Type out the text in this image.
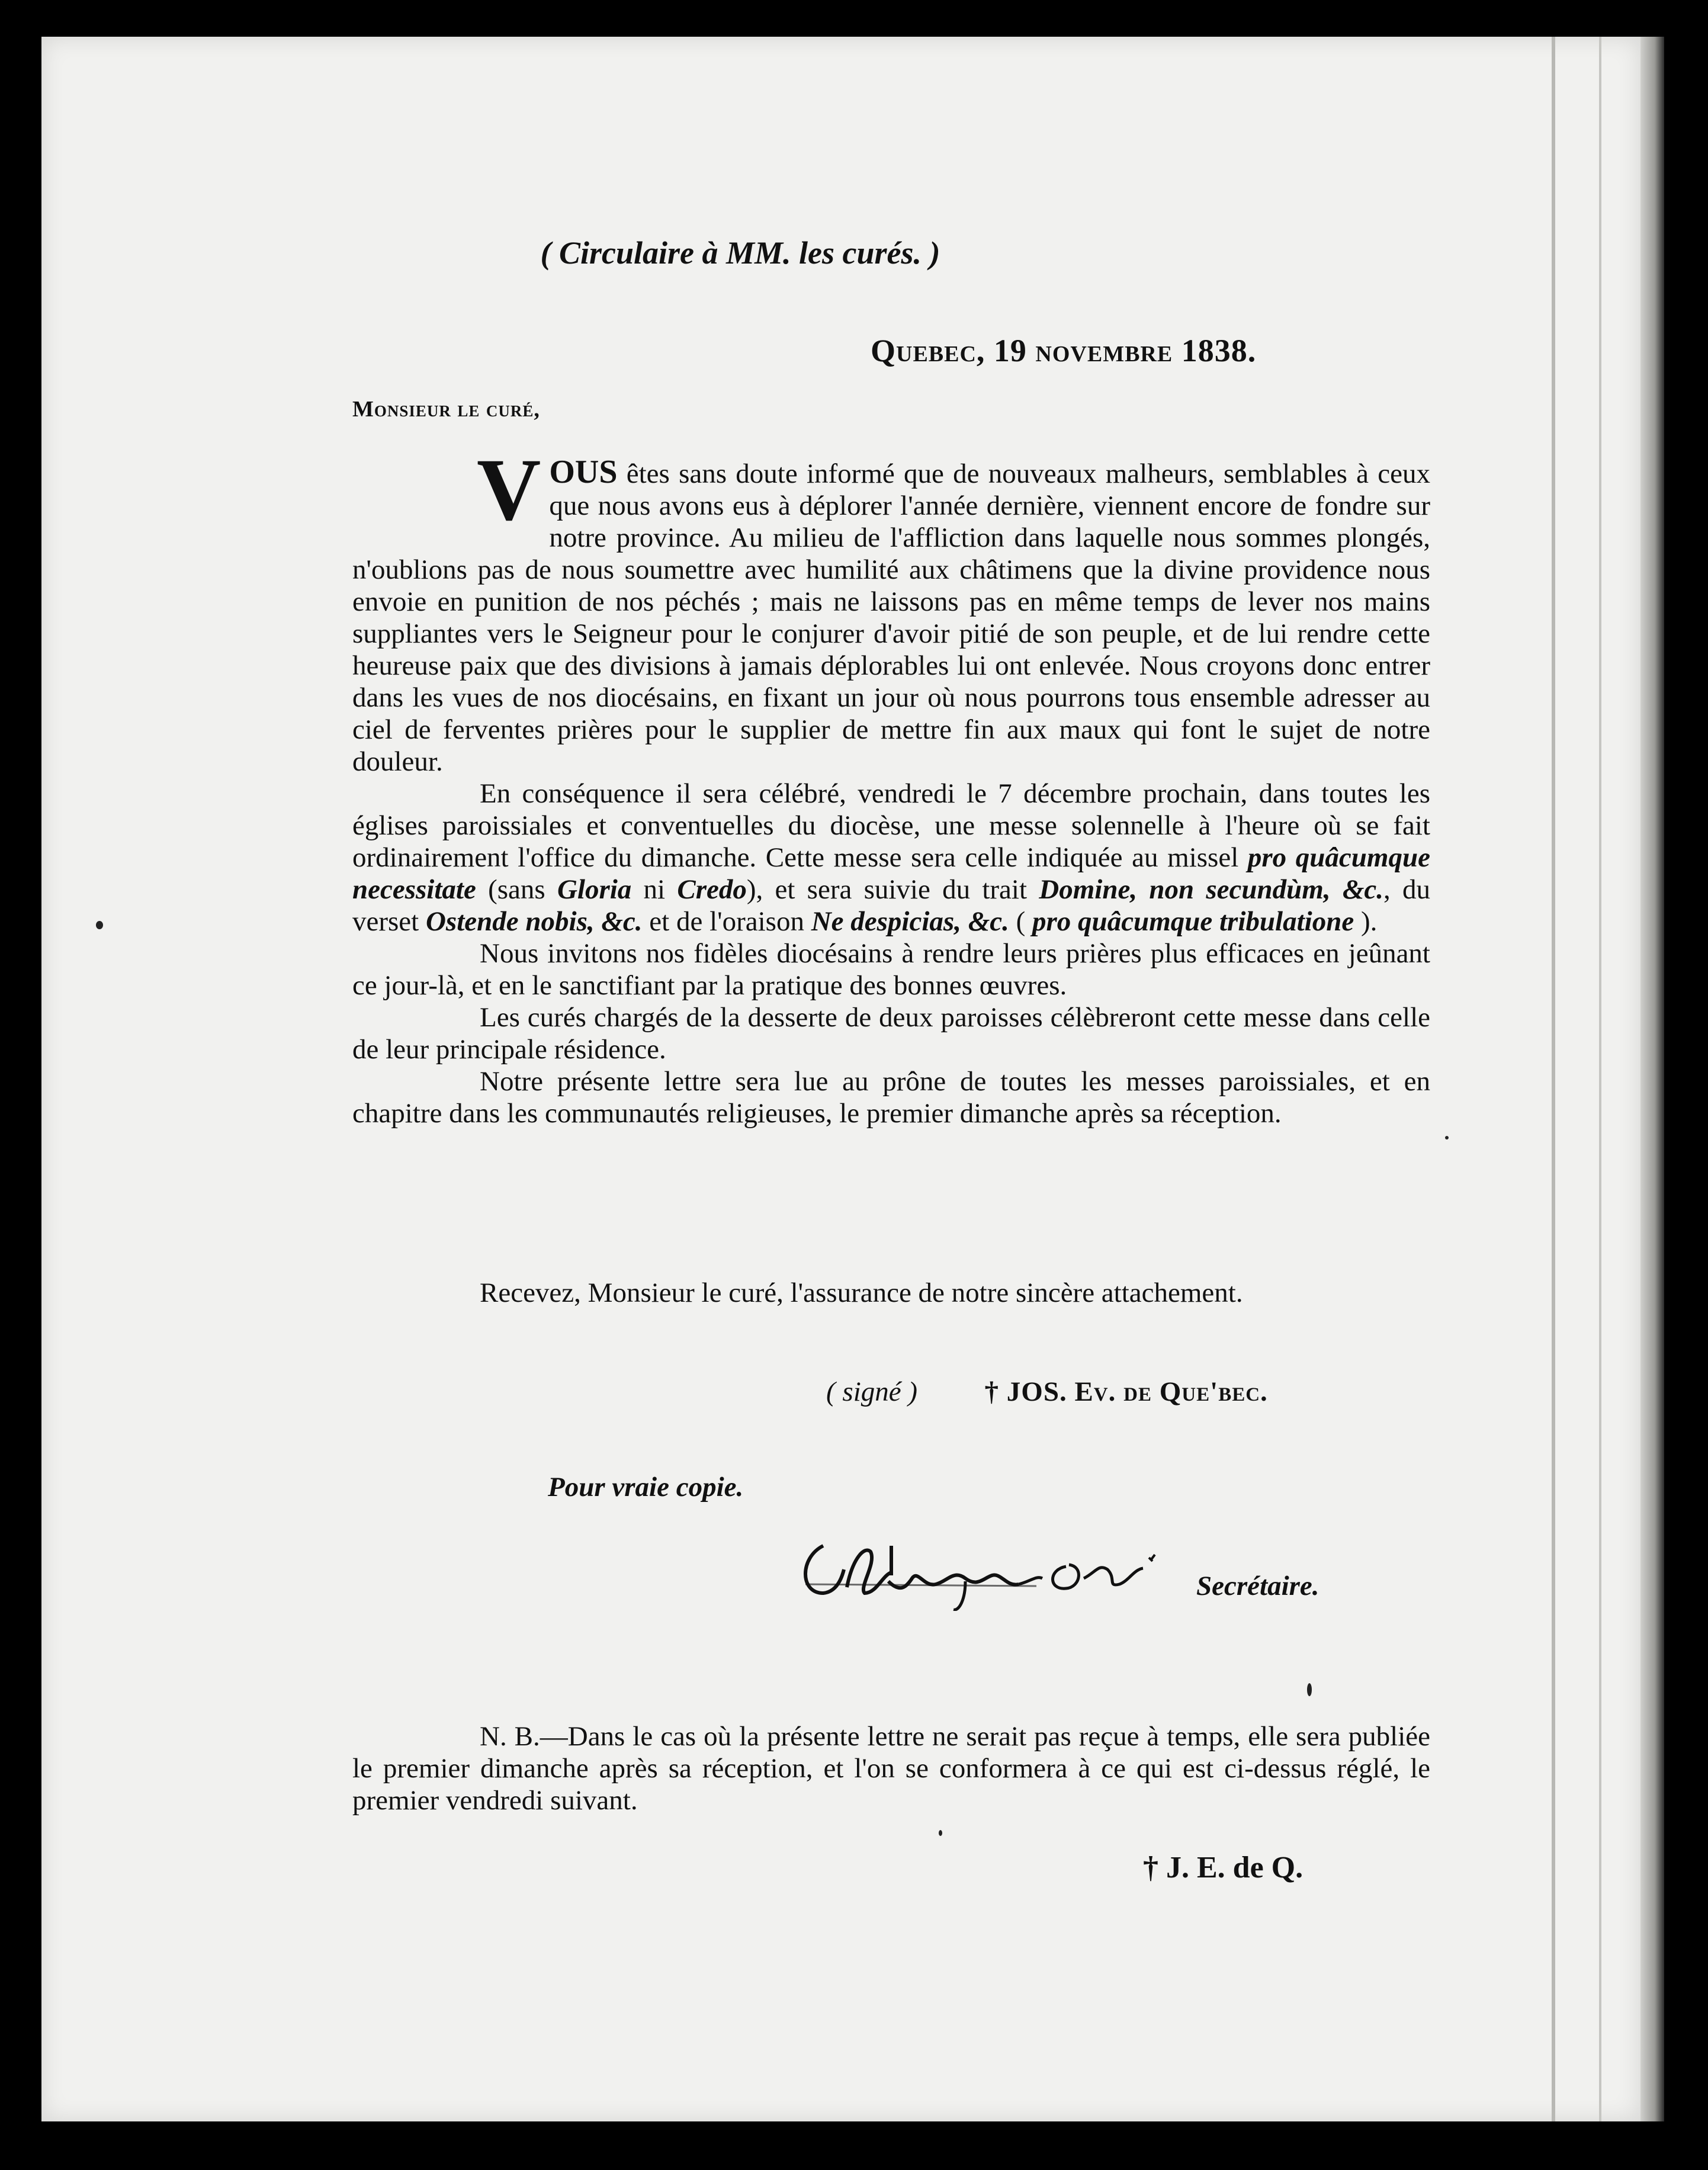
( Circulaire à MM. les curés. )
Quebec, 19 novembre 1838.
Monsieur le curé,

V OUS êtes sans doute informé que de nouveaux malheurs, semblables à ceux que nous avons eus à déplorer l'année dernière, viennent encore de fondre sur notre province. Au milieu de l'affliction dans laquelle nous sommes plongés, n'oublions pas de nous soumettre avec humilité aux châtimens que la divine providence nous envoie en punition de nos péchés ; mais ne laissons pas en même temps de lever nos mains suppliantes vers le Seigneur pour le conjurer d'avoir pitié de son peuple, et de lui rendre cette heureuse paix que des divisions à jamais déplorables lui ont enlevée. Nous croyons donc entrer dans les vues de nos diocésains, en fixant un jour où nous pourrons tous ensemble adresser au ciel de ferventes prières pour le supplier de mettre fin aux maux qui font le sujet de notre douleur.

En conséquence il sera célébré, vendredi le 7 décembre prochain, dans toutes les églises paroissiales et conventuelles du diocèse, une messe solennelle à l'heure où se fait ordinairement l'office du dimanche. Cette messe sera celle indiquée au missel pro quâcumque necessitate (sans Gloria ni Credo), et sera suivie du trait Domine, non secundùm, &c., du verset Ostende nobis, &c. et de l'oraison Ne despicias, &c. ( pro quâcumque tribulatione ).

Nous invitons nos fidèles diocésains à rendre leurs prières plus efficaces en jeûnant ce jour-là, et en le sanctifiant par la pratique des bonnes œuvres.

Les curés chargés de la desserte de deux paroisses célèbreront cette messe dans celle de leur principale résidence.

Notre présente lettre sera lue au prône de toutes les messes paroissiales, et en chapitre dans les communautés religieuses, le premier dimanche après sa réception.

Recevez, Monsieur le curé, l'assurance de notre sincère attachement.
( signé ) † JOS. Ev. de Que'bec.
Pour vraie copie.
Secrétaire.

N. B.—Dans le cas où la présente lettre ne serait pas reçue à temps, elle sera publiée le premier dimanche après sa réception, et l'on se conformera à ce qui est ci-dessus réglé, le premier vendredi suivant.

† J. E. de Q.
